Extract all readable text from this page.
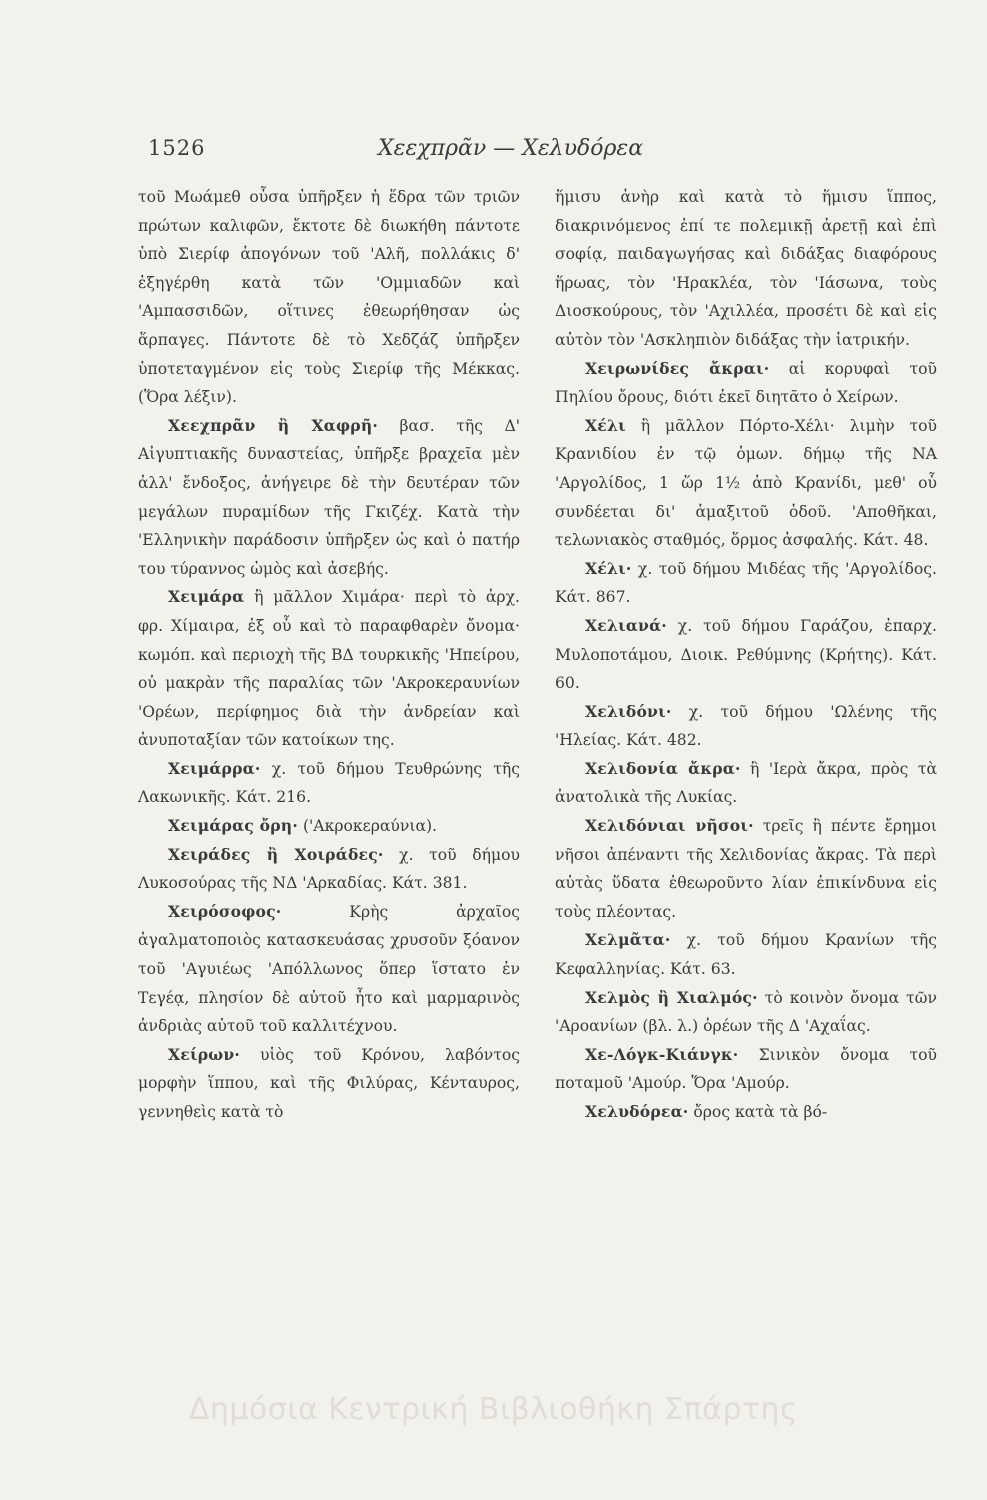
1526	Χεεχπρᾶν — Χελυδόρεα

τοῦ Μωάμεθ οὖσα ὑπῆρξεν ἡ ἕδρα τῶν τριῶν πρώτων καλιφῶν, ἔκτοτε δὲ διωκήθη πάντοτε ὑπὸ Σιερίφ ἀπογόνων τοῦ 'Αλῆ, πολλάκις δ' ἐξηγέρθη κατὰ τῶν 'Ομμιαδῶν καὶ 'Αμπασσιδῶν, οἵτινες ἐθεωρήθησαν ὡς ἅρπαγες. Πάντοτε δὲ τὸ Χεδζάζ ὑπῆρξεν ὑποτεταγμένον εἰς τοὺς Σιερίφ τῆς Μέκκας.(Ὅρα λέξιν).

Χεεχπρᾶν ἢ Χαφρῆ· βασ. τῆς Δ' Αἰγυπτιακῆς δυναστείας, ὑπῆρξε βραχεῖα μὲν ἀλλ' ἔνδοξος, ἀνήγειρε δὲ τὴν δευτέραν τῶν μεγάλων πυραμίδων τῆς Γκιζέχ. Κατὰ τὴν 'Ελληνικὴν παράδοσιν ὑπῆρξεν ὡς καὶ ὁ πατήρ του τύραννος ὠμὸς καὶ ἀσεβής.

Χειμάρα ἢ μᾶλλον Χιμάρα· περὶ τὸ ἀρχ. φρ. Χίμαιρα, ἐξ οὗ καὶ τὸ παραφθαρὲν ὄνομα· κωμόπ. καὶ περιοχὴ τῆς ΒΔ τουρκικῆς 'Ηπείρου, οὐ μακρὰν τῆς παραλίας τῶν 'Ακροκεραυνίων 'Ορέων, περίφημος διὰ τὴν ἀνδρείαν καὶ ἀνυποταξίαν τῶν κατοίκων της.

Χειμάρρα· χ. τοῦ δήμου Τευθρώνης τῆς Λακωνικῆς. Κάτ. 216.

Χειμάρας ὄρη· ('Ακροκεραύνια).

Χειράδες ἢ Χοιράδες· χ. τοῦ δήμου Λυκοσούρας τῆς ΝΔ 'Αρκαδίας. Κάτ. 381.

Χειρόσοφος· Κρὴς ἀρχαῖος ἀγαλματοποιὸς κατασκευάσας χρυσοῦν ξόανον τοῦ 'Αγυιέως 'Απόλλωνος ὅπερ ἵστατο ἐν Τεγέᾳ, πλησίον δὲ αὐτοῦ ἦτο καὶ μαρμαρινὸς ἀνδριὰς αὐτοῦ τοῦ καλλιτέχνου.

Χείρων· υἱὸς τοῦ Κρόνου, λαβόντος μορφὴν ἵππου, καὶ τῆς Φιλύρας, Κένταυρος, γεννηθεὶς κατὰ τὸ

ἥμισυ ἀνὴρ καὶ κατὰ τὸ ἥμισυ ἵππος, διακρινόμενος ἐπί τε πολεμικῇ ἀρετῇ καὶ ἐπὶ σοφίᾳ, παιδαγωγήσας καὶ διδάξας διαφόρους ἥρωας, τὸν 'Ηρακλέα, τὸν 'Ιάσωνα, τοὺς Διοσκούρους, τὸν 'Αχιλλέα, προσέτι δὲ καὶ εἰς αὐτὸν τὸν 'Ασκληπιὸν διδάξας τὴν ἰατρικήν.

Χειρωνίδες ἄκραι· αἱ κορυφαὶ τοῦ Πηλίου ὄρους, διότι ἐκεῖ διητᾶτο ὁ Χείρων.

Χέλι ἢ μᾶλλον Πόρτο-Χέλι· λιμὴν τοῦ Κρανιδίου ἐν τῷ ὁμων. δήμῳ τῆς ΝΑ 'Αργολίδος, 1 ὥρ 1½ ἀπὸ Κρανίδι, μεθ' οὗ συνδέεται δι' ἁμαξιτοῦ ὁδοῦ. 'Αποθῆκαι, τελωνιακὸς σταθμός, ὅρμος ἀσφαλής. Κάτ. 48.

Χέλι· χ. τοῦ δήμου Μιδέας τῆς 'Αργολίδος. Κάτ. 867.

Χελιανά· χ. τοῦ δήμου Γαράζου, ἐπαρχ. Μυλοποτάμου, Διοικ. Ρεθύμνης (Κρήτης). Κάτ. 60.

Χελιδόνι· χ. τοῦ δήμου 'Ωλένης τῆς 'Ηλείας. Κάτ. 482.

Χελιδονία ἄκρα· ἢ 'Ιερὰ ἄκρα, πρὸς τὰ ἀνατολικὰ τῆς Λυκίας.

Χελιδόνιαι νῆσοι· τρεῖς ἢ πέντε ἔρημοι νῆσοι ἀπέναντι τῆς Χελιδονίας ἄκρας. Τὰ περὶ αὐτὰς ὕδατα ἐθεωροῦντο λίαν ἐπικίνδυνα εἰς τοὺς πλέοντας.

Χελμᾶτα· χ. τοῦ δήμου Κρανίων τῆς Κεφαλληνίας. Κάτ. 63.

Χελμὸς ἢ Χιαλμός· τὸ κοινὸν ὄνομα τῶν 'Αροανίων (βλ. λ.) ὀρέων τῆς Δ 'Αχαΐας.

Χε-Λόγκ-Κιάνγκ· Σινικὸν ὄνομα τοῦ ποταμοῦ 'Αμούρ. Ὅρα 'Αμούρ.

Χελυδόρεα· ὄρος κατὰ τὰ βό-

Δημόσια Κεντρική Βιβλιοθήκη Σπάρτης
